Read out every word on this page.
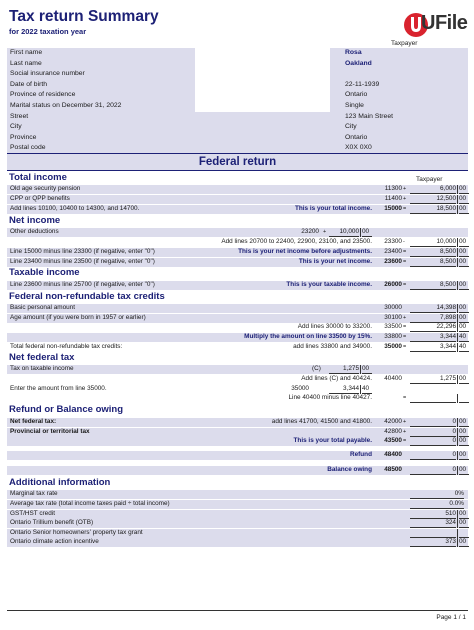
Tax return Summary
for 2022 taxation year	UFile
Taxpayer
First name	Rosa
Last name	Oakland
Social insurance number
Date of birth	22-11-1939
Province of residence	Ontario
Marital status on December 31, 2022	Single
Street	123 Main Street
City	City
Province	Ontario
Postal code	X0X 0X0
Federal return
Total income	Taxpayer
Old age security pension	11300 +	6,000 00
CPP or QPP benefits	11400 +	12,500 00
Add lines 10100, 10400 to 14300, and 14700.	This is your total income.	15000 =	18,500 00
Net income
Other deductions	23200 +	10,000 00
Add lines 20700 to 22400, 22900, 23100, and 23500.	23300 -	10,000 00
Line 15000 minus line 23300 (if negative, enter "0")	This is your net income before adjustments.	23400 =	8,500 00
Line 23400 minus line 23500 (if negative, enter "0")	This is your net income.	23600 =	8,500 00
Taxable income
Line 23600 minus line 25700 (if negative, enter "0")	This is your taxable income.	26000 =	8,500 00
Federal non-refundable tax credits
Basic personal amount	30000	14,398 00
Age amount (if you were born in 1957 or earlier)	30100 +	7,898 00
Add lines 30000 to 33200.	33500 =	22,296 00
Multiply the amount on line 33500 by 15%.	33800 =	3,344 40
Total federal non-refundable tax credits:	add lines 33800 and 34900.	35000 =	3,344 40
Net federal tax
Tax on taxable income	(C)	1,275 00
Add lines (C) and 40424.	40400	1,275 00
Enter the amount from line 35000.	35000	3,344 40
Line 40400 minus line 40427.	=
Refund or Balance owing
Net federal tax:	add lines 41700, 41500 and 41800.	42000 +	0 00
Provincial or territorial tax	42800 +	0 00
This is your total payable.	43500 =	0 00
Refund	48400	0 00
Balance owing	48500	0 00
Additional information
Marginal tax rate	0%
Average tax rate (total income taxes paid ÷ total income)	0.0%
GST/HST credit	510 00
Ontario Trillium benefit (OTB)	324 00
Ontario Senior homeowners' property tax grant
Ontario climate action incentive	373 00
Page 1 / 1
